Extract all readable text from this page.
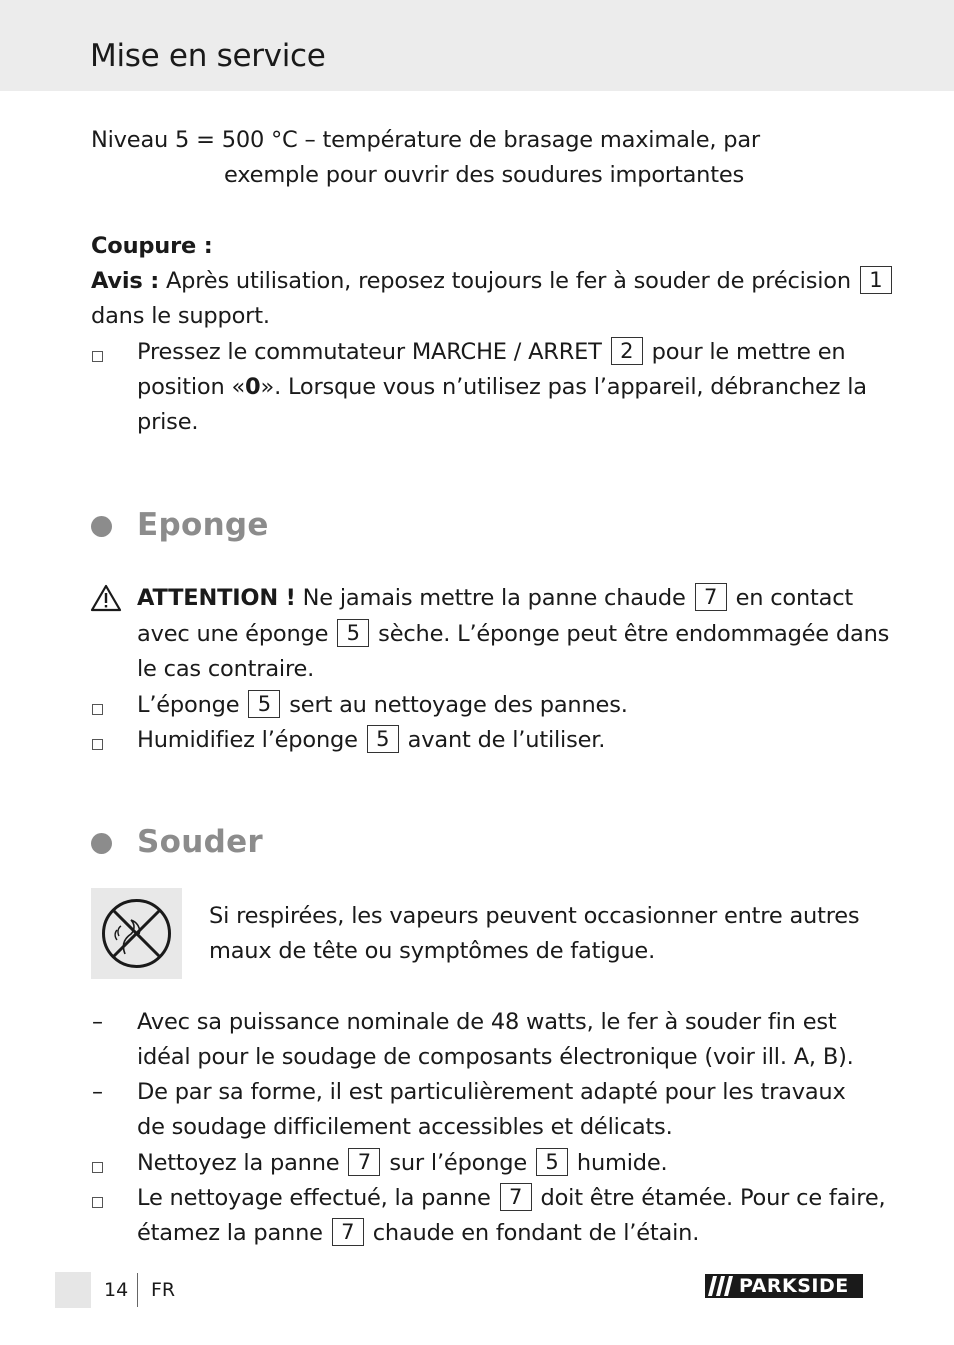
Mise en service
Niveau 5 = 500 °C – température de brasage maximale, par
exemple pour ouvrir des soudures importantes
Coupure :
Avis : Après utilisation, reposez toujours le fer à souder de précision 1
dans le support.
Pressez le commutateur MARCHE / ARRET 2 pour le mettre en
position «0». Lorsque vous n’utilisez pas l’appareil, débranchez la
prise.
Eponge
ATTENTION ! Ne jamais mettre la panne chaude 7 en contact
avec une éponge 5 sèche. L’éponge peut être endommagée dans
le cas contraire.
L’éponge 5 sert au nettoyage des pannes.
Humidifiez l’éponge 5 avant de l’utiliser.
Souder
Si respirées, les vapeurs peuvent occasionner entre autres
maux de tête ou symptômes de fatigue.
– Avec sa puissance nominale de 48 watts, le fer à souder fin est
idéal pour le soudage de composants électronique (voir ill. A, B).
– De par sa forme, il est particulièrement adapté pour les travaux
de soudage difficilement accessibles et délicats.
Nettoyez la panne 7 sur l’éponge 5 humide.
Le nettoyage effectué, la panne 7 doit être étamée. Pour ce faire,
étamez la panne 7 chaude en fondant de l’étain.
14 FR	PARKSIDE
